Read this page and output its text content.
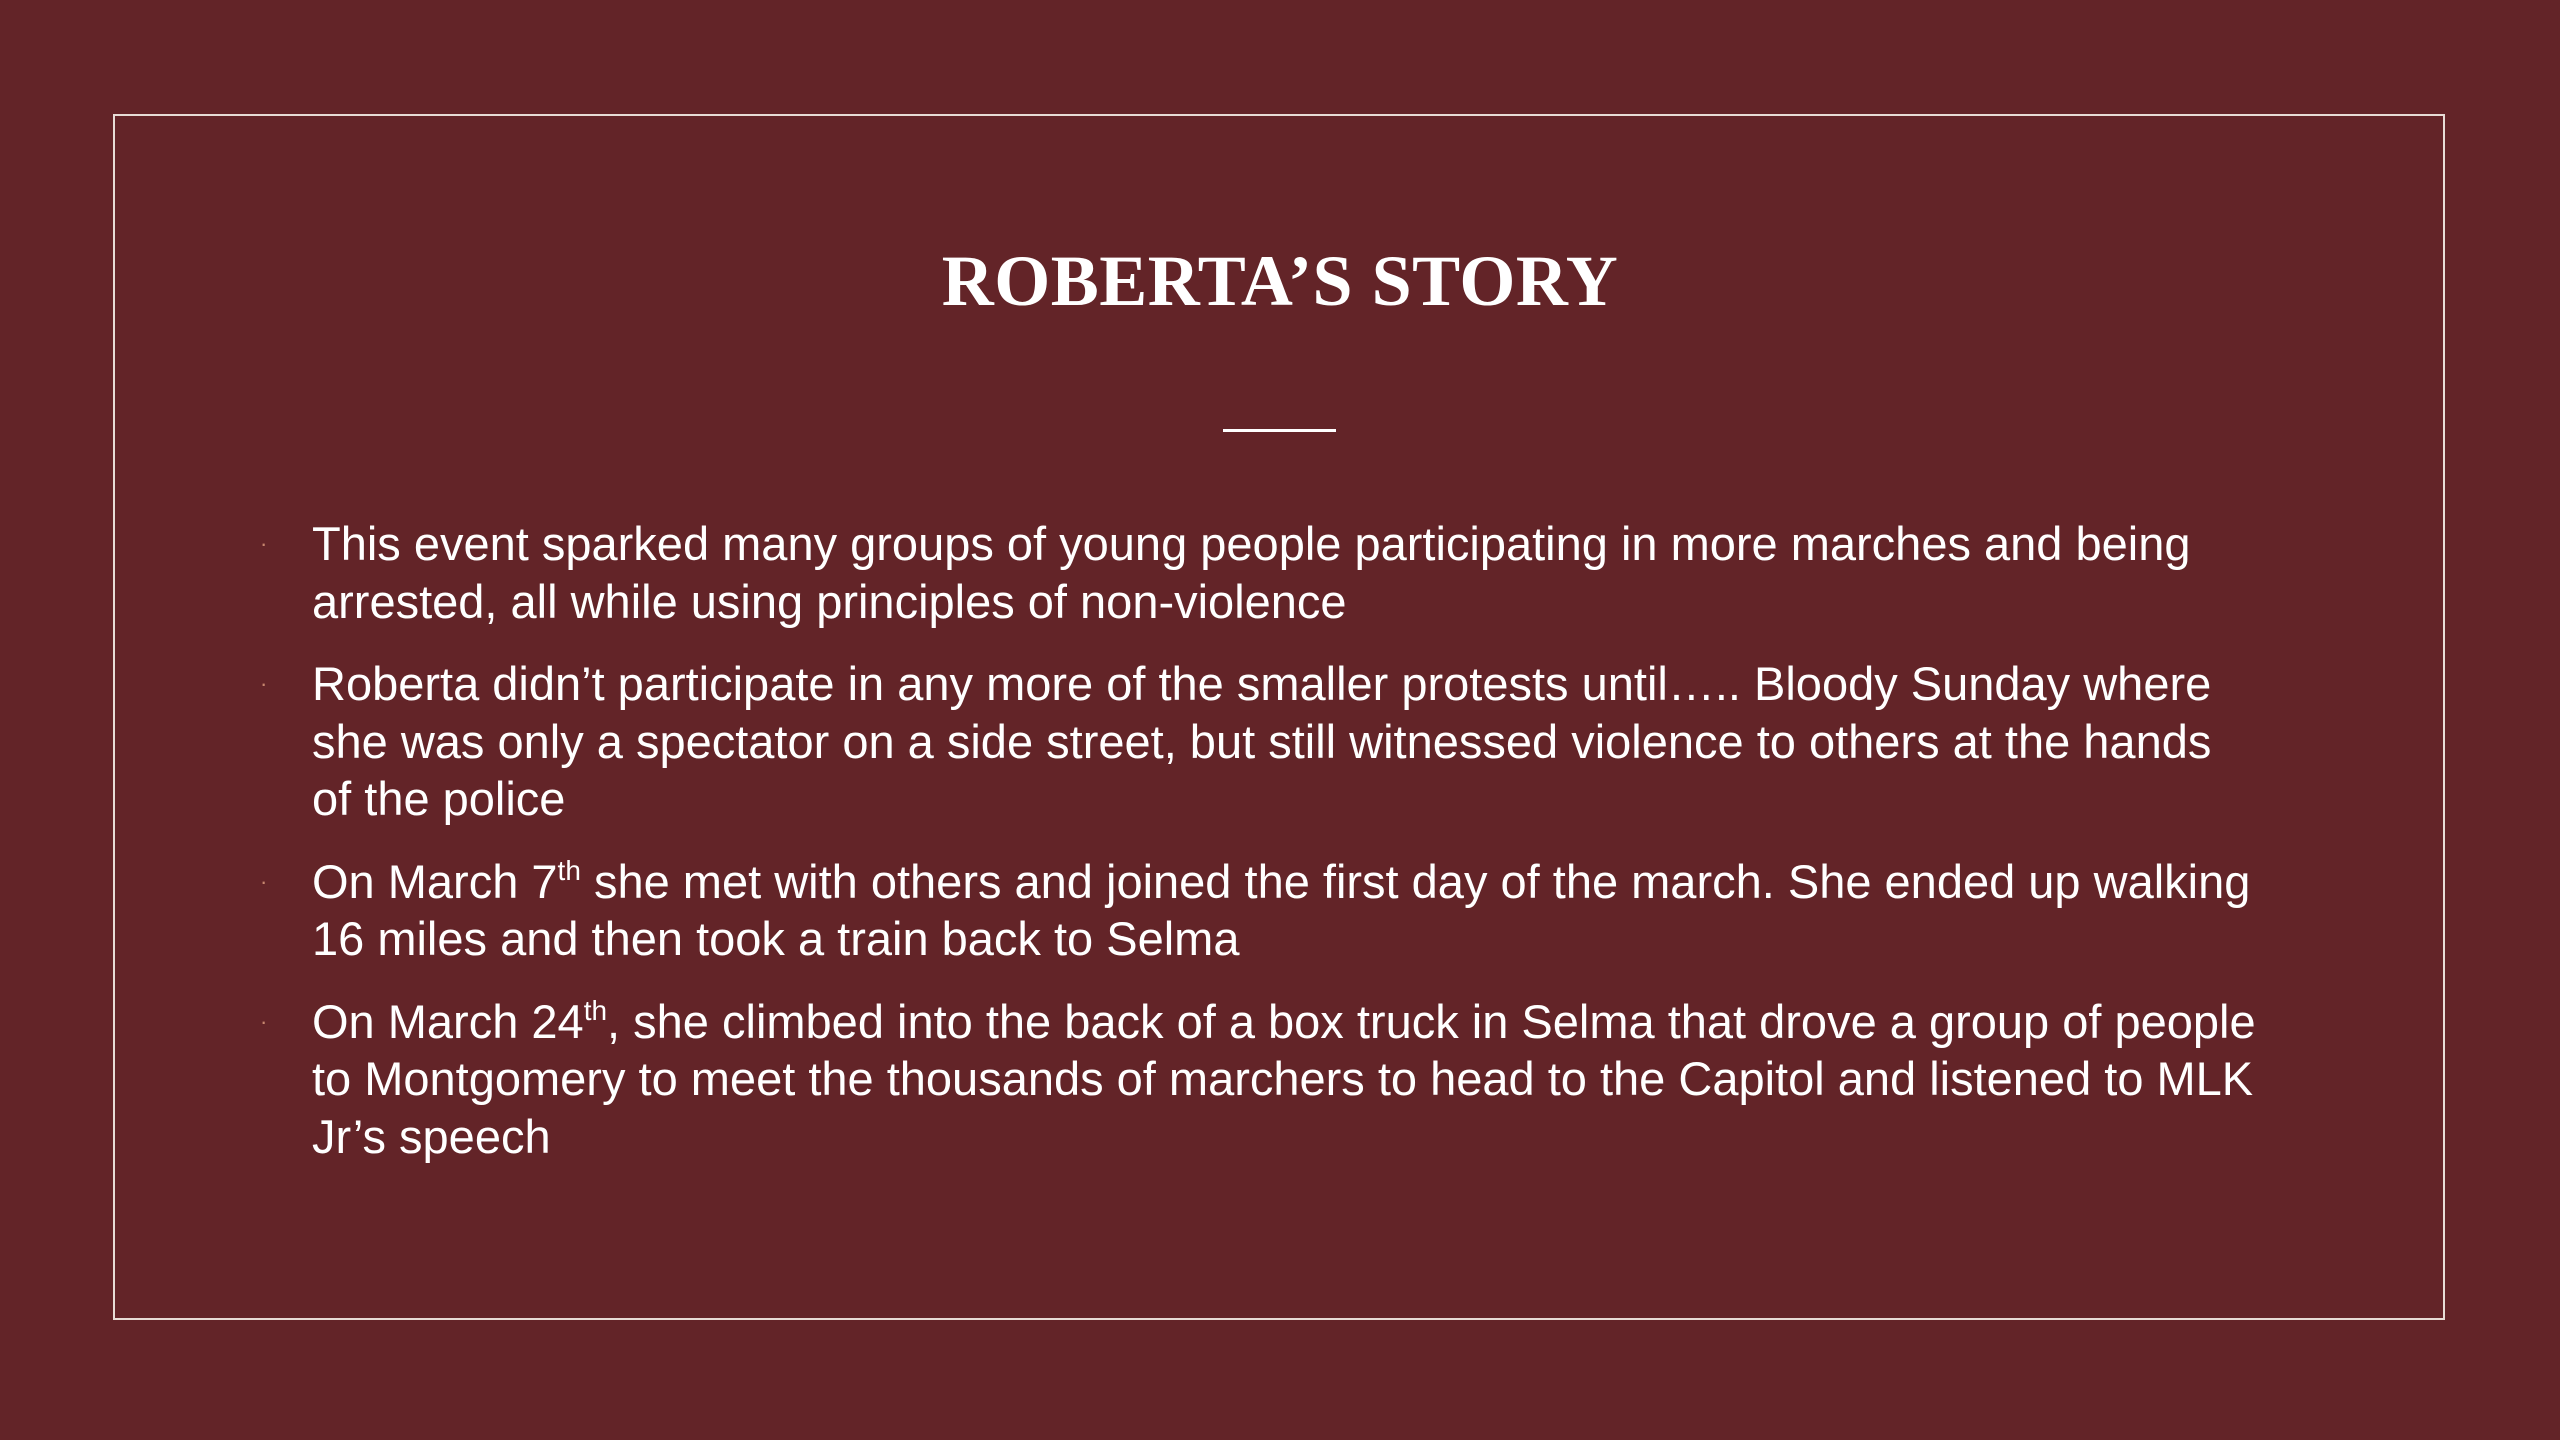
ROBERTA’S STORY
· This event sparked many groups of young people participating in more marches and being arrested, all while using principles of non-violence
· Roberta didn’t participate in any more of the smaller protests until….. Bloody Sunday where she was only a spectator on a side street, but still witnessed violence to others at the hands of the police
· On March 7th she met with others and joined the first day of the march. She ended up walking 16 miles and then took a train back to Selma
· On March 24th, she climbed into the back of a box truck in Selma that drove a group of people to Montgomery to meet the thousands of marchers to head to the Capitol and listened to MLK Jr’s speech
